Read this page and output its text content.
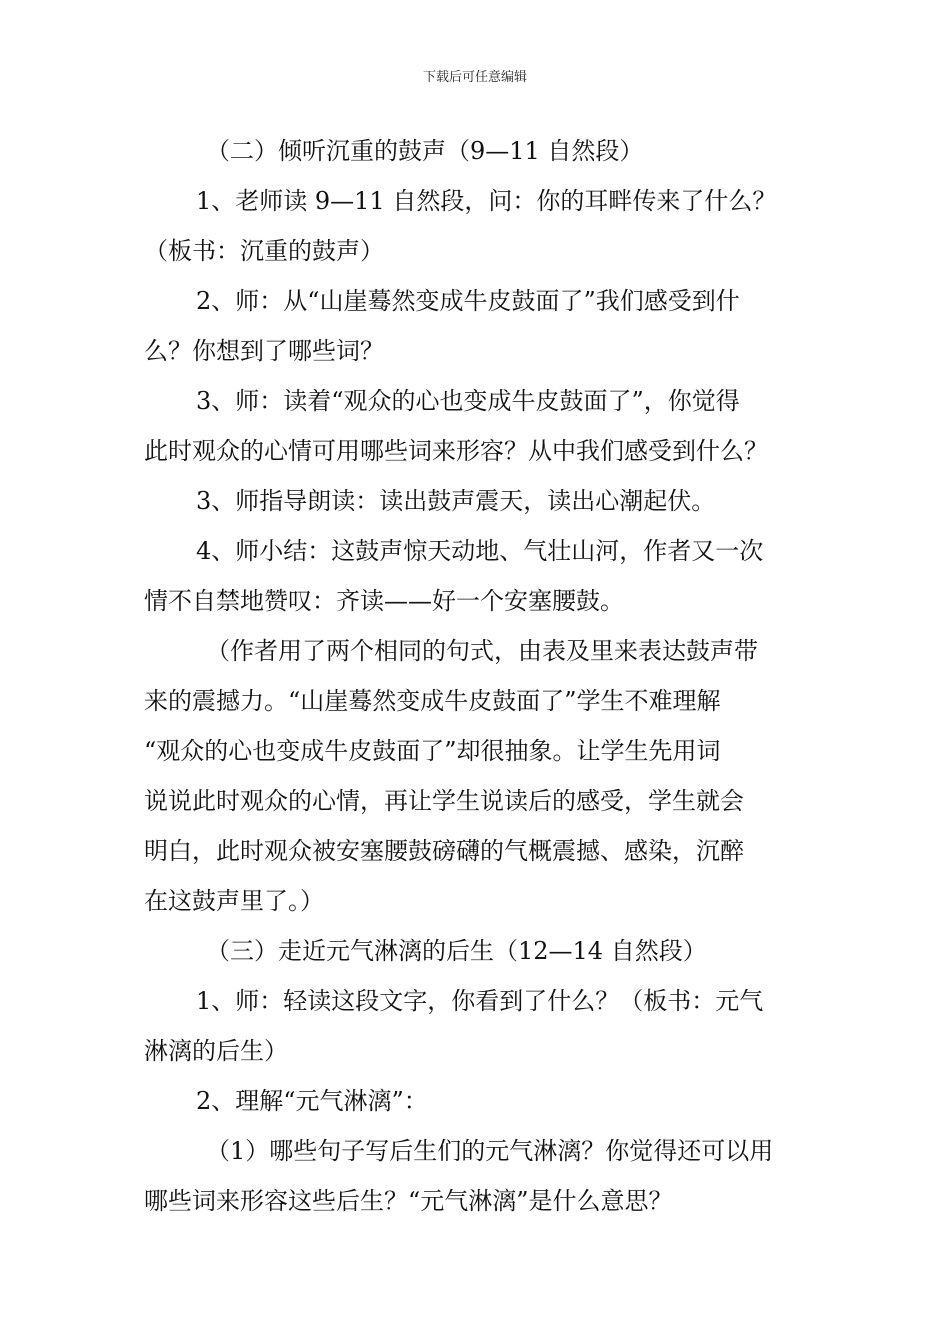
下载后可任意编辑
（二）倾听沉重的鼓声（9—11 自然段）
1、老师读 9—11 自然段，问：你的耳畔传来了什么？
（板书：沉重的鼓声）
2、师：从“山崖蓦然变成牛皮鼓面了”我们感受到什
么？你想到了哪些词？
3、师：读着“观众的心也变成牛皮鼓面了”，你觉得
此时观众的心情可用哪些词来形容？从中我们感受到什么？
3、师指导朗读：读出鼓声震天，读出心潮起伏。
4、师小结：这鼓声惊天动地、气壮山河，作者又一次
情不自禁地赞叹：齐读——好一个安塞腰鼓。
（作者用了两个相同的句式，由表及里来表达鼓声带
来的震撼力。“山崖蓦然变成牛皮鼓面了”学生不难理解
“观众的心也变成牛皮鼓面了”却很抽象。让学生先用词
说说此时观众的心情，再让学生说读后的感受，学生就会
明白，此时观众被安塞腰鼓磅礴的气概震撼、感染，沉醉
在这鼓声里了。）
（三）走近元气淋漓的后生（12—14 自然段）
1、师：轻读这段文字，你看到了什么？（板书：元气
淋漓的后生）
2、理解“元气淋漓”：
（1）哪些句子写后生们的元气淋漓？你觉得还可以用
哪些词来形容这些后生？“元气淋漓”是什么意思？
